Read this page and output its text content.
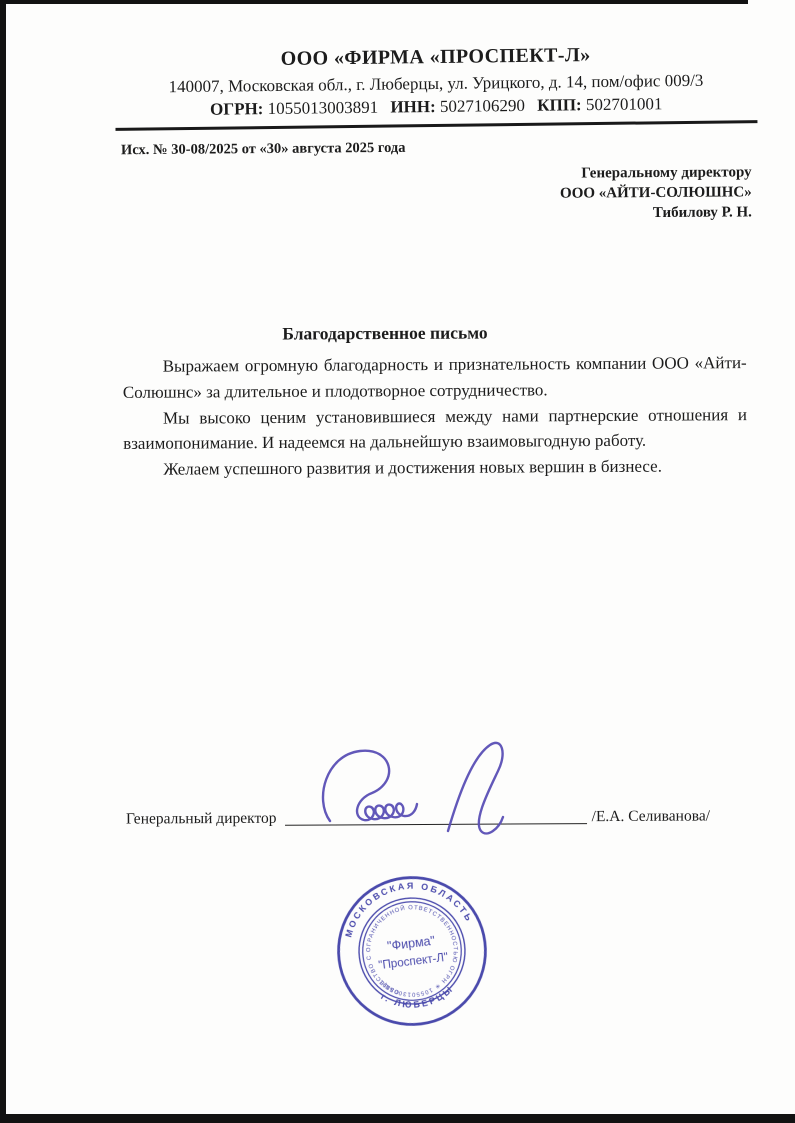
ООО «ФИРМА «ПРОСПЕКТ-Л»
140007, Московская обл., г. Люберцы, ул. Урицкого, д. 14, пом/офис 009/3
ОГРН: 1055013003891 ИНН: 5027106290 КПП: 502701001
Исх. № 30-08/2025 от «30» августа 2025 года
Генеральному директору
ООО «АЙТИ-СОЛЮШНС»
Тибилову Р. Н.
Благодарственное письмо

Выражаем огромную благодарность и признательность компании ООО «Айти-Солюшнс» за длительное и плодотворное сотрудничество.

Мы высоко ценим установившиеся между нами партнерские отношения и взаимопонимание. И надеемся на дальнейшую взаимовыгодную работу.

Желаем успешного развития и достижения новых вершин в бизнесе.

Генеральный директор	/Е.А. Селиванова/
МОСКОВСКАЯ ОБЛАСТЬ
г. ЛЮБЕРЦЫ
ОБЩЕСТВО С ОГРАНИЧЕННОЙ ОТВЕТСТВЕННОСТЬЮ ОГРН ✳ 1055013003891
"Фирма"
"Проспект-Л"
